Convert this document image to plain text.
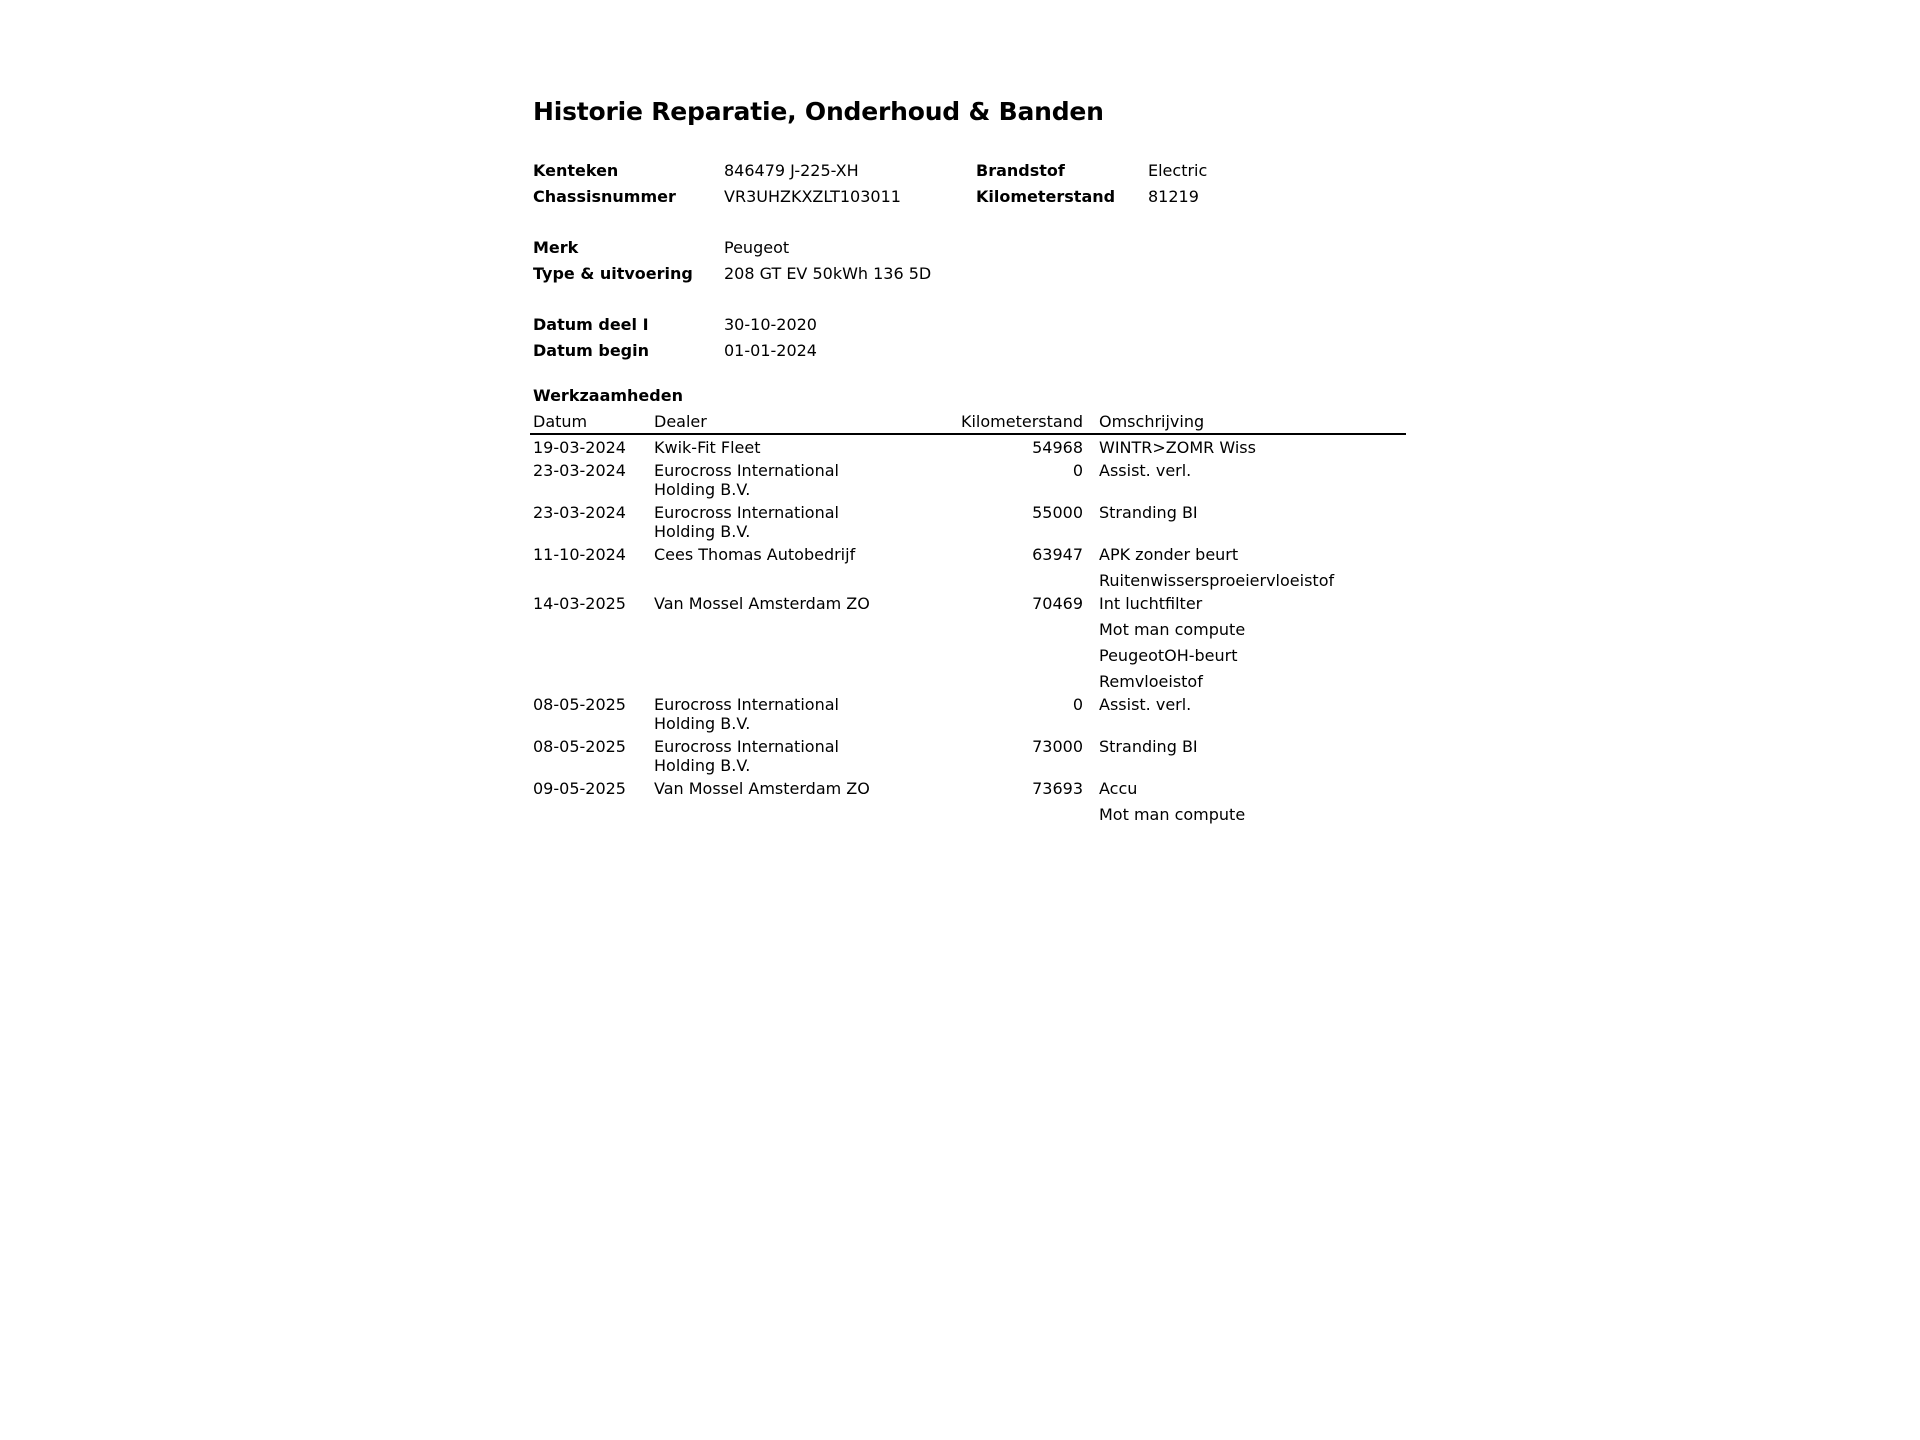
Historie Reparatie, Onderhoud & Banden
Kenteken	846479 J-225-XH	Brandstof	Electric
Chassisnummer	VR3UHZKXZLT103011	Kilometerstand 81219
Merk	Peugeot
Type & uitvoering 208 GT EV 50kWh 136 5D
Datum deel I	30-10-2020
Datum begin	01-01-2024
Werkzaamheden
Datum	Dealer	Kilometerstand	Omschrijving
19-03-2024	Kwik-Fit Fleet	54968	WINTR>ZOMR Wiss

23-03-2024	Eurocross International Holding B.V.	0	Assist. verl.

23-03-2024	Eurocross International Holding B.V.	55000	Stranding BI

11-10-2024	Cees Thomas Autobedrijf	63947	APK zonder beurt
Ruitenwissersproeiervloeistof

14-03-2025	Van Mossel Amsterdam ZO	70469	Int luchtfilter
Mot man compute
PeugeotOH-beurt
Remvloeistof

08-05-2025	Eurocross International Holding B.V.	0	Assist. verl.

08-05-2025	Eurocross International Holding B.V.	73000	Stranding BI

09-05-2025	Van Mossel Amsterdam ZO	73693	Accu
Mot man compute
